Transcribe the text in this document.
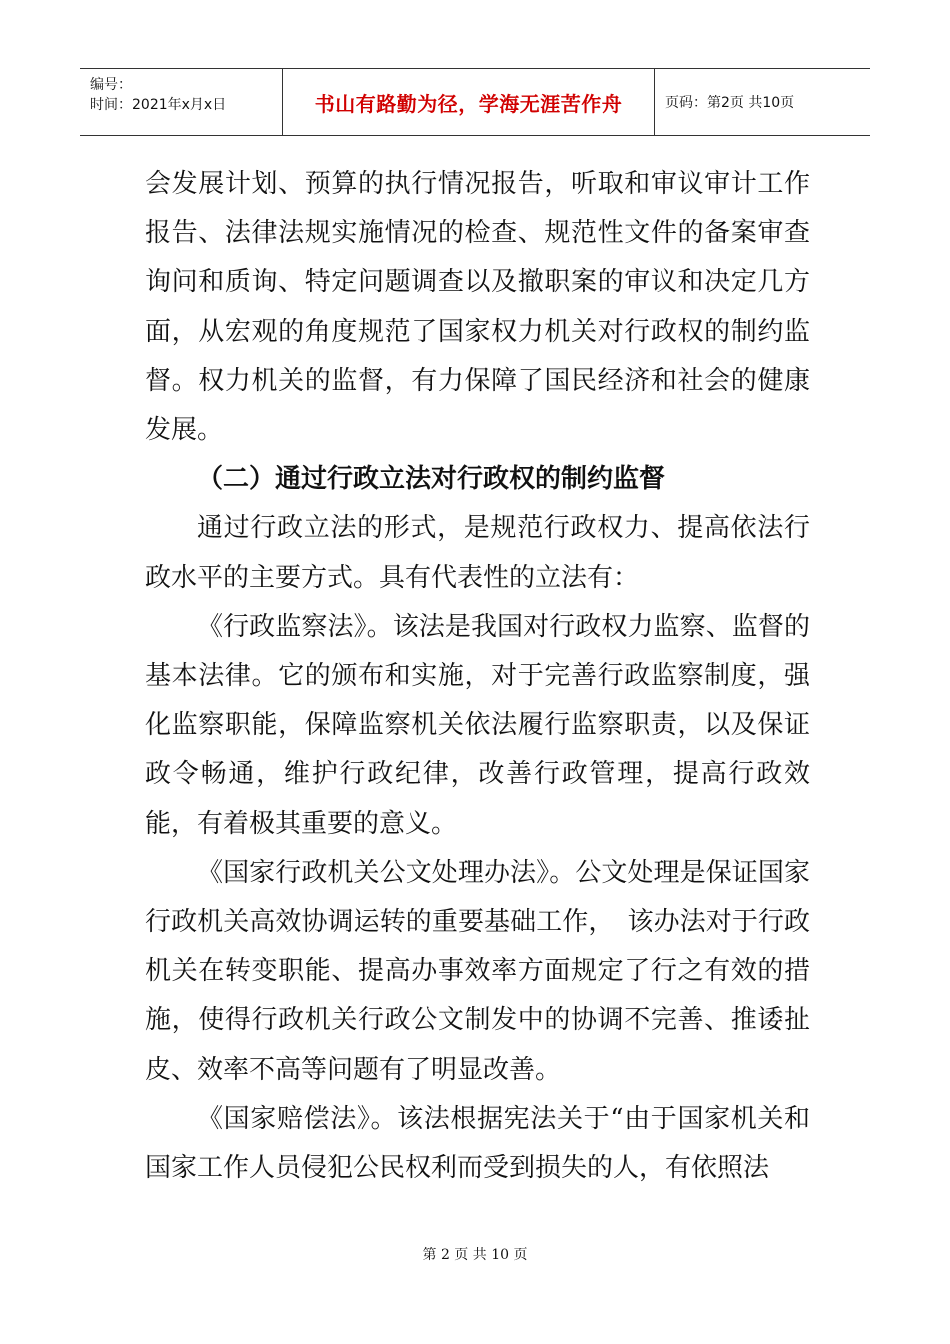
编号：
时间：2021年x月x日	书山有路勤为径，学海无涯苦作舟	页码：第2页 共10页

会发展计划、预算的执行情况报告，听取和审议审计工作报告、法律法规实施情况的检查、规范性文件的备案审查询问和质询、特定问题调查以及撤职案的审议和决定几方面，从宏观的角度规范了国家权力机关对行政权的制约监督。权力机关的监督，有力保障了国民经济和社会的健康发展。

（二）通过行政立法对行政权的制约监督

通过行政立法的形式，是规范行政权力、提高依法行政水平的主要方式。具有代表性的立法有：

《行政监察法》。该法是我国对行政权力监察、监督的基本法律。它的颁布和实施，对于完善行政监察制度，强化监察职能，保障监察机关依法履行监察职责，以及保证政令畅通，维护行政纪律，改善行政管理，提高行政效能，有着极其重要的意义。

《国家行政机关公文处理办法》。公文处理是保证国家行政机关高效协调运转的重要基础工作，　该办法对于行政机关在转变职能、提高办事效率方面规定了行之有效的措施，使得行政机关行政公文制发中的协调不完善、推诿扯皮、效率不高等问题有了明显改善。

《国家赔偿法》。该法根据宪法关于“由于国家机关和国家工作人员侵犯公民权利而受到损失的人，有依照法

第 2 页 共 10 页
